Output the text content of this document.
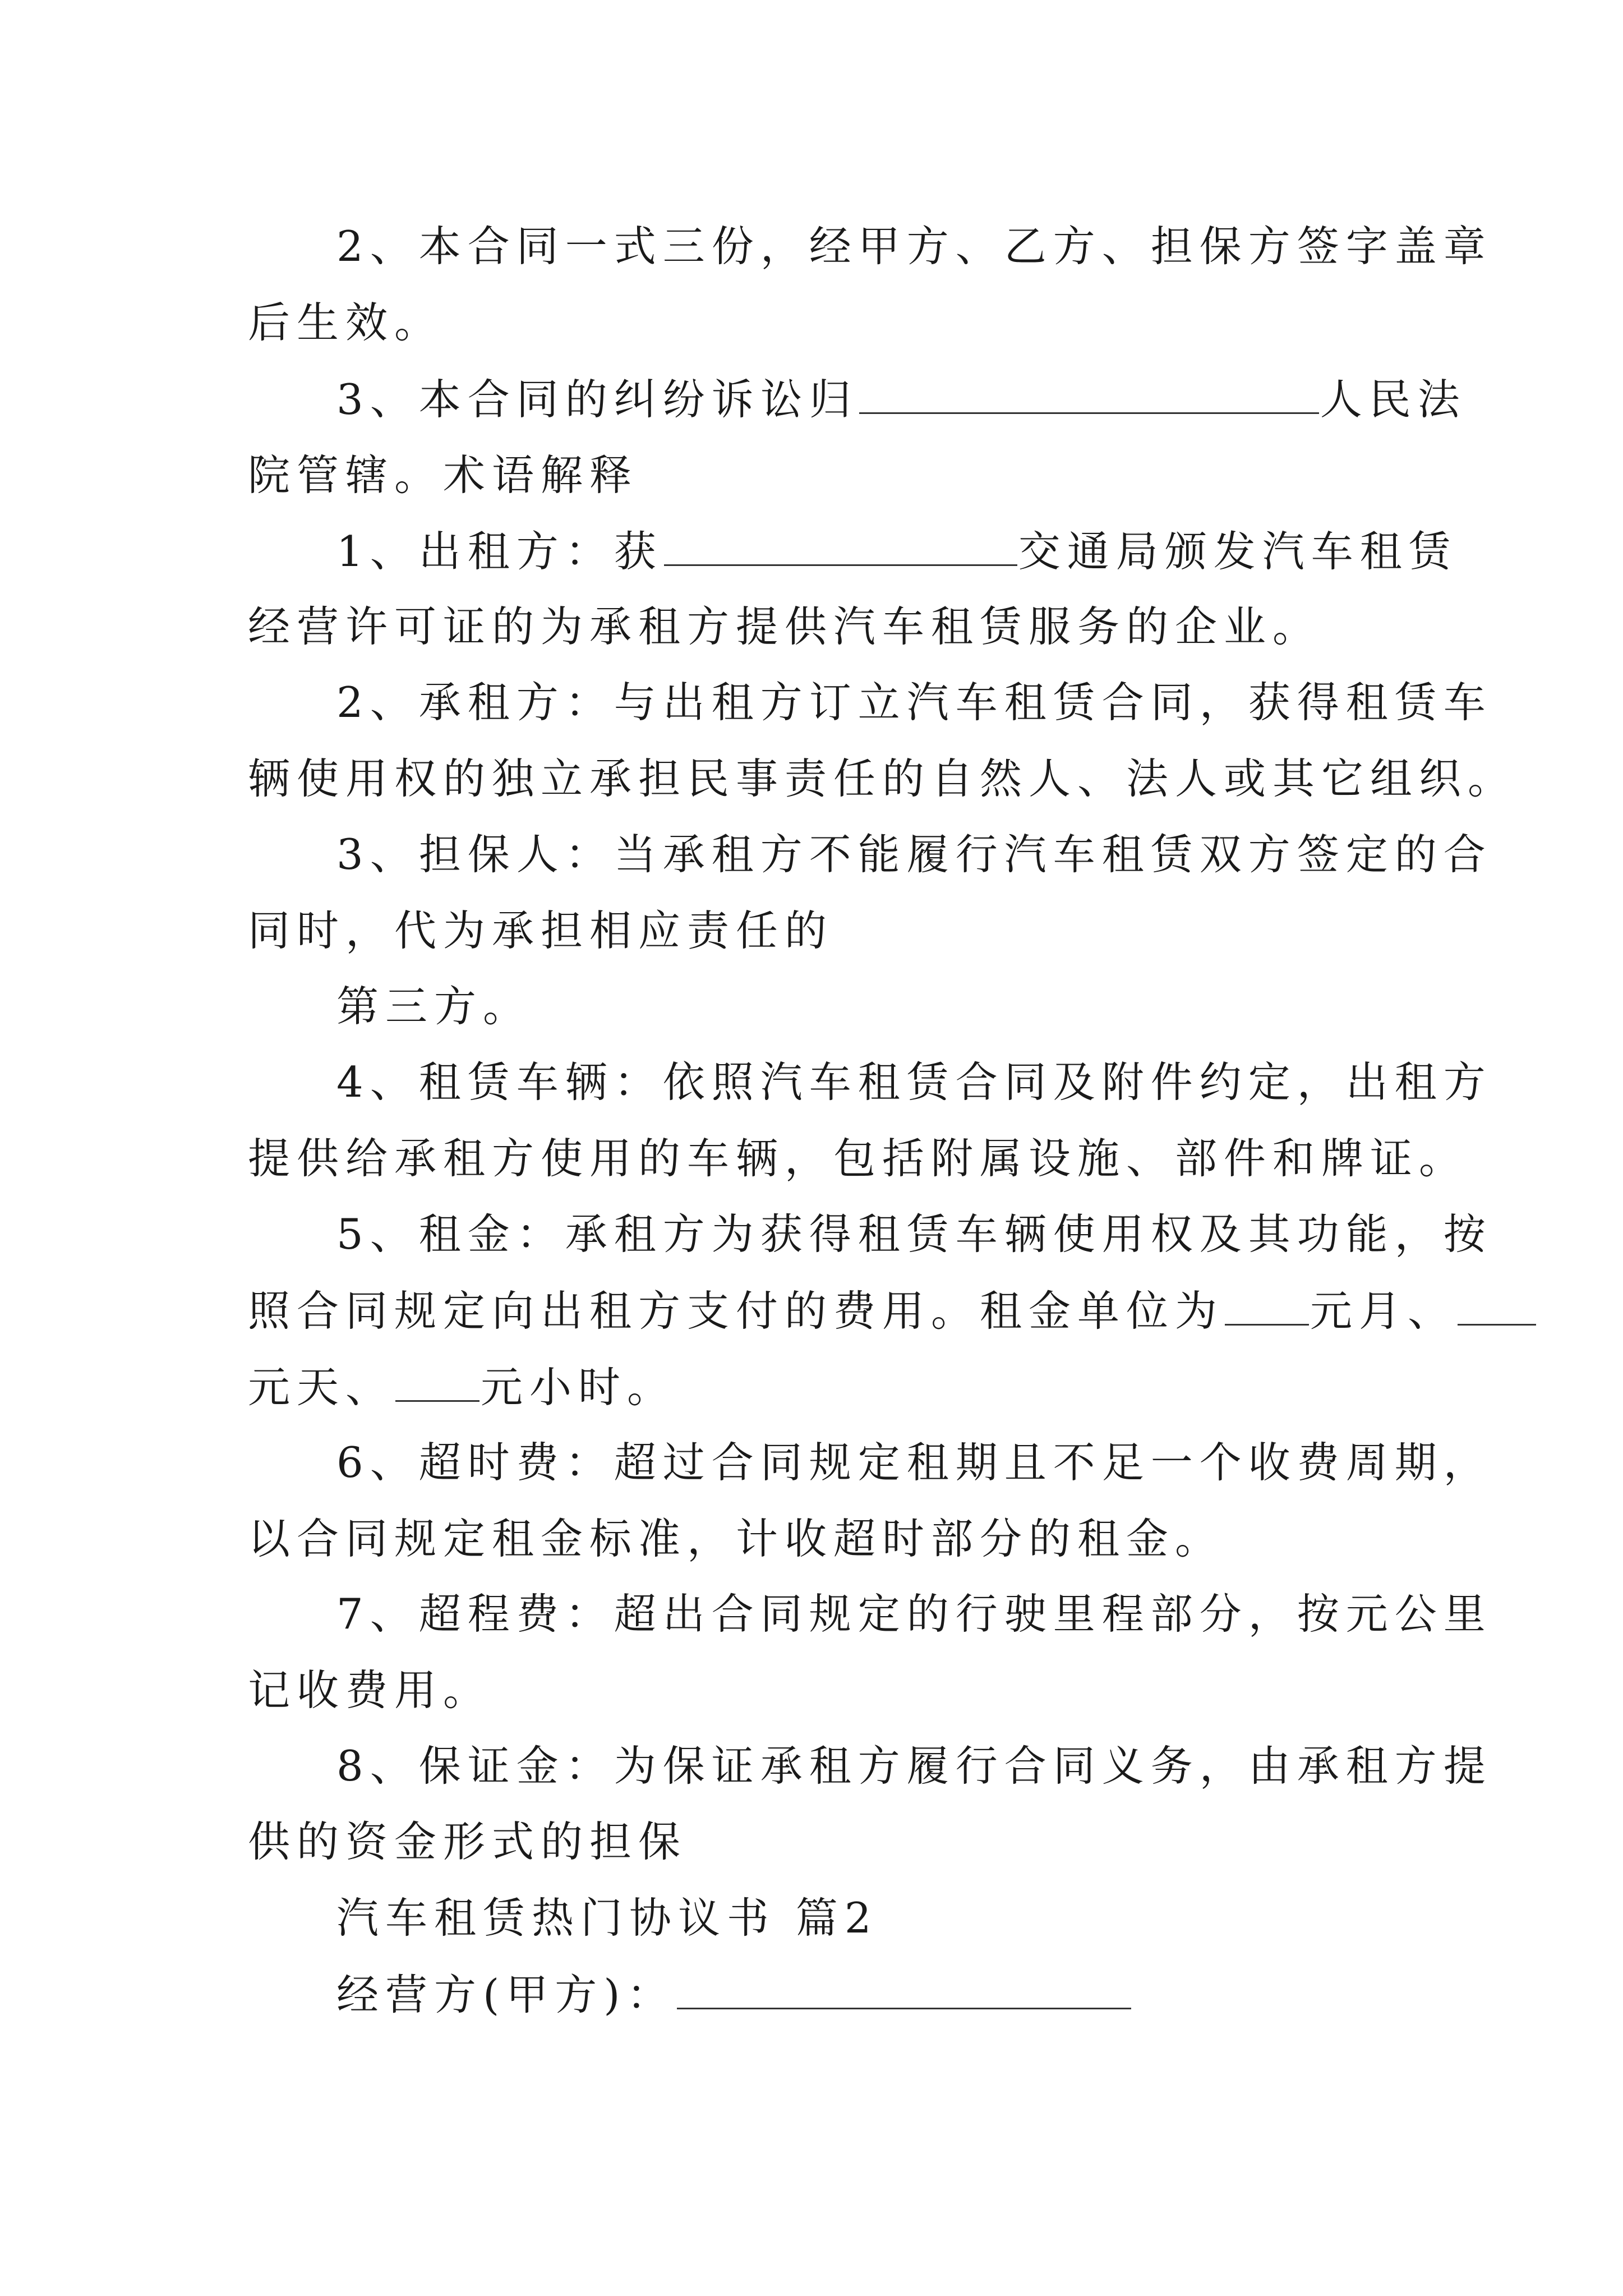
2、本合同一式三份，经甲方、乙方、担保方签字盖章
后生效。
3、本合同的纠纷诉讼归	人民法
院管辖。术语解释
1、出租方：获	交通局颁发汽车租赁
经营许可证的为承租方提供汽车租赁服务的企业。
2、承租方：与出租方订立汽车租赁合同，获得租赁车
辆使用权的独立承担民事责任的自然人、法人或其它组织。
3、担保人：当承租方不能履行汽车租赁双方签定的合
同时，代为承担相应责任的
第三方。
4、租赁车辆：依照汽车租赁合同及附件约定，出租方
提供给承租方使用的车辆，包括附属设施、部件和牌证。
5、租金：承租方为获得租赁车辆使用权及其功能，按
照合同规定向出租方支付的费用。租金单位为 元月、
元天、 元小时。
6、超时费：超过合同规定租期且不足一个收费周期，
以合同规定租金标准，计收超时部分的租金。
7、超程费：超出合同规定的行驶里程部分，按元公里
记收费用。
8、保证金：为保证承租方履行合同义务，由承租方提
供的资金形式的担保
汽车租赁热门协议书 篇2
经营方(甲方)：
